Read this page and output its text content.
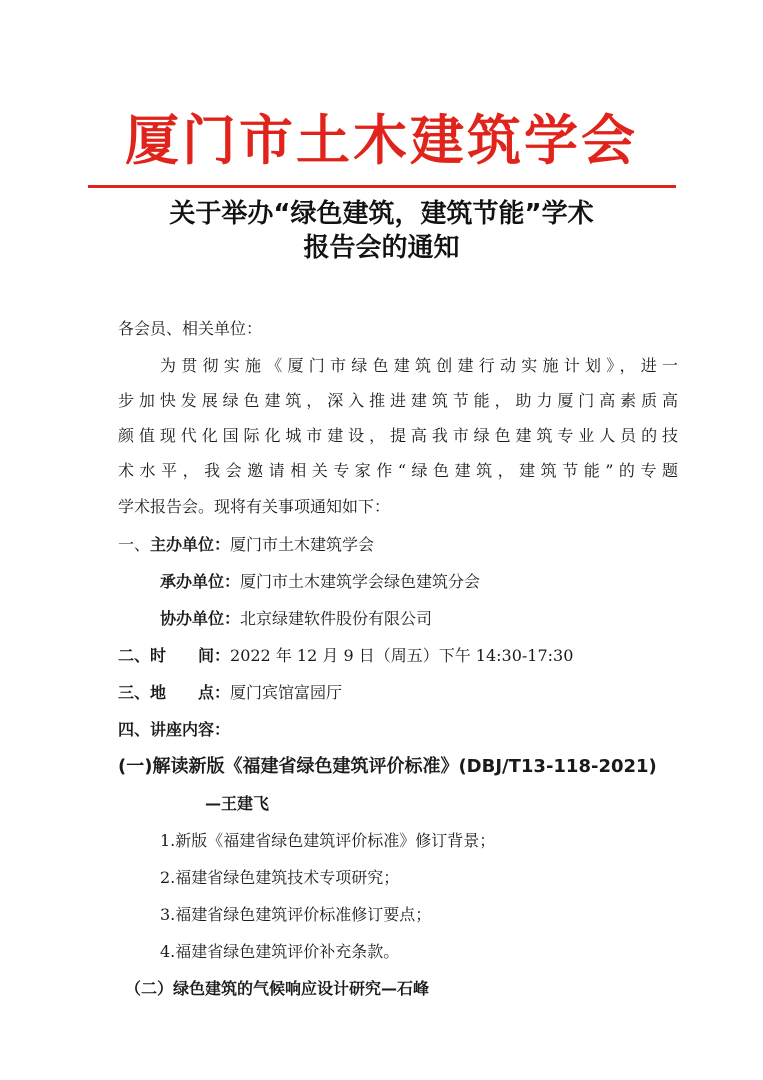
厦门市土木建筑学会
关于举办“绿色建筑，建筑节能”学术
报告会的通知
各会员、相关单位：
为贯彻实施《厦门市绿色建筑创建行动实施计划》，进一
步加快发展绿色建筑，深入推进建筑节能，助力厦门高素质高
颜值现代化国际化城市建设，提高我市绿色建筑专业人员的技
术水平，我会邀请相关专家作“绿色建筑，建筑节能”的专题
学术报告会。现将有关事项通知如下：
一、主办单位：厦门市土木建筑学会
承办单位：厦门市土木建筑学会绿色建筑分会
协办单位：北京绿建软件股份有限公司
二、时　　间：2022 年 12 月 9 日（周五）下午 14:30-17:30
三、地　　点：厦门宾馆富园厅
四、讲座内容：
(一)解读新版《福建省绿色建筑评价标准》(DBJ/T13-118-2021)
—王建飞
1.新版《福建省绿色建筑评价标准》修订背景；
2.福建省绿色建筑技术专项研究；
3.福建省绿色建筑评价标准修订要点；
4.福建省绿色建筑评价补充条款。
（二）绿色建筑的气候响应设计研究—石峰
